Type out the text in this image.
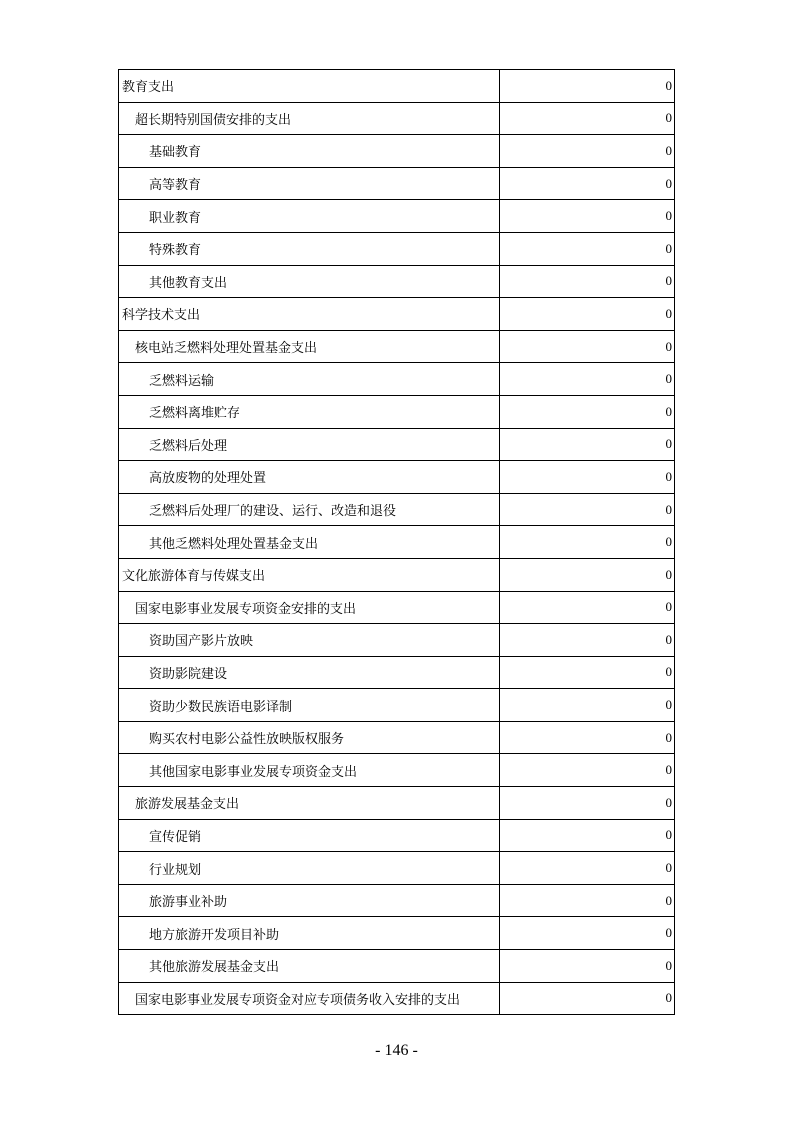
教育支出	0
超长期特别国债安排的支出	0
基础教育	0
高等教育	0
职业教育	0
特殊教育	0
其他教育支出	0
科学技术支出	0
核电站乏燃料处理处置基金支出	0
乏燃料运输	0
乏燃料离堆贮存	0
乏燃料后处理	0
高放废物的处理处置	0
乏燃料后处理厂的建设、运行、改造和退役	0
其他乏燃料处理处置基金支出	0
文化旅游体育与传媒支出	0
国家电影事业发展专项资金安排的支出	0
资助国产影片放映	0
资助影院建设	0
资助少数民族语电影译制	0
购买农村电影公益性放映版权服务	0
其他国家电影事业发展专项资金支出	0
旅游发展基金支出	0
宣传促销	0
行业规划	0
旅游事业补助	0
地方旅游开发项目补助	0
其他旅游发展基金支出	0
国家电影事业发展专项资金对应专项债务收入安排的支出	0
- 146 -
